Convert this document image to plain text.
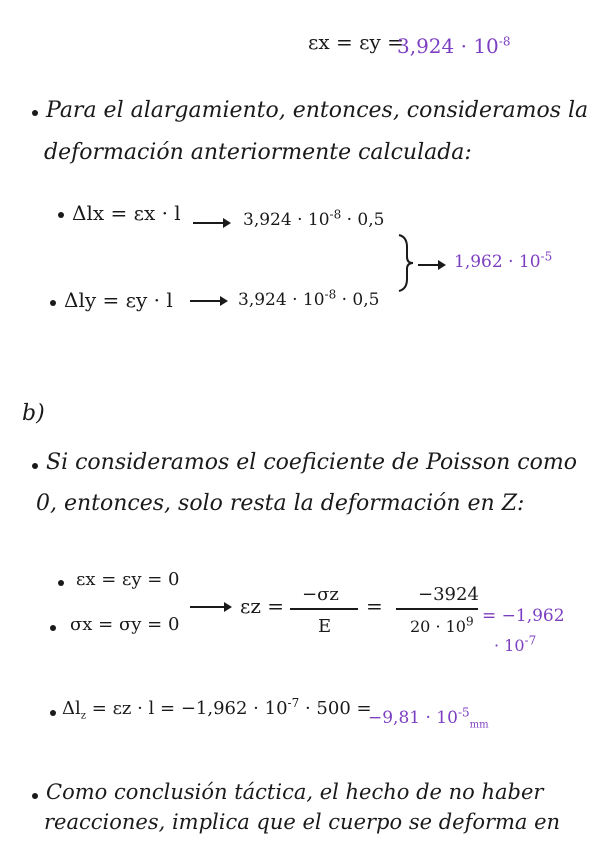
εx = εy =
$3,924 \cdot 10^{-8}$
Para el alargamiento, entonces, consideramos la
deformación anteriormente calculada:
Δlx = εx · l	$3,924 \cdot 10^{-8} \cdot 0,5$
$1,962 \cdot 10^{-5}$
Δly = εy · l	$3,924 \cdot 10^{-8} \cdot 0,5$
b)
Si consideramos el coeficiente de Poisson como
0, entonces, solo resta la deformación en Z:
εx = εy = 0
σx = σy = 0
εz = −σz
E
= −3924
$20 \cdot 10^9 = -1,962$
· $10^{-7}$
$\Delta l_z = \varepsilon z \cdot l = -1,962 \cdot 10^{-7} \cdot 500$ =
$-9,81 \cdot 10^{-5}_{mm}$
Como conclusión táctica, el hecho de no haber
reacciones, implica que el cuerpo se deforma en
